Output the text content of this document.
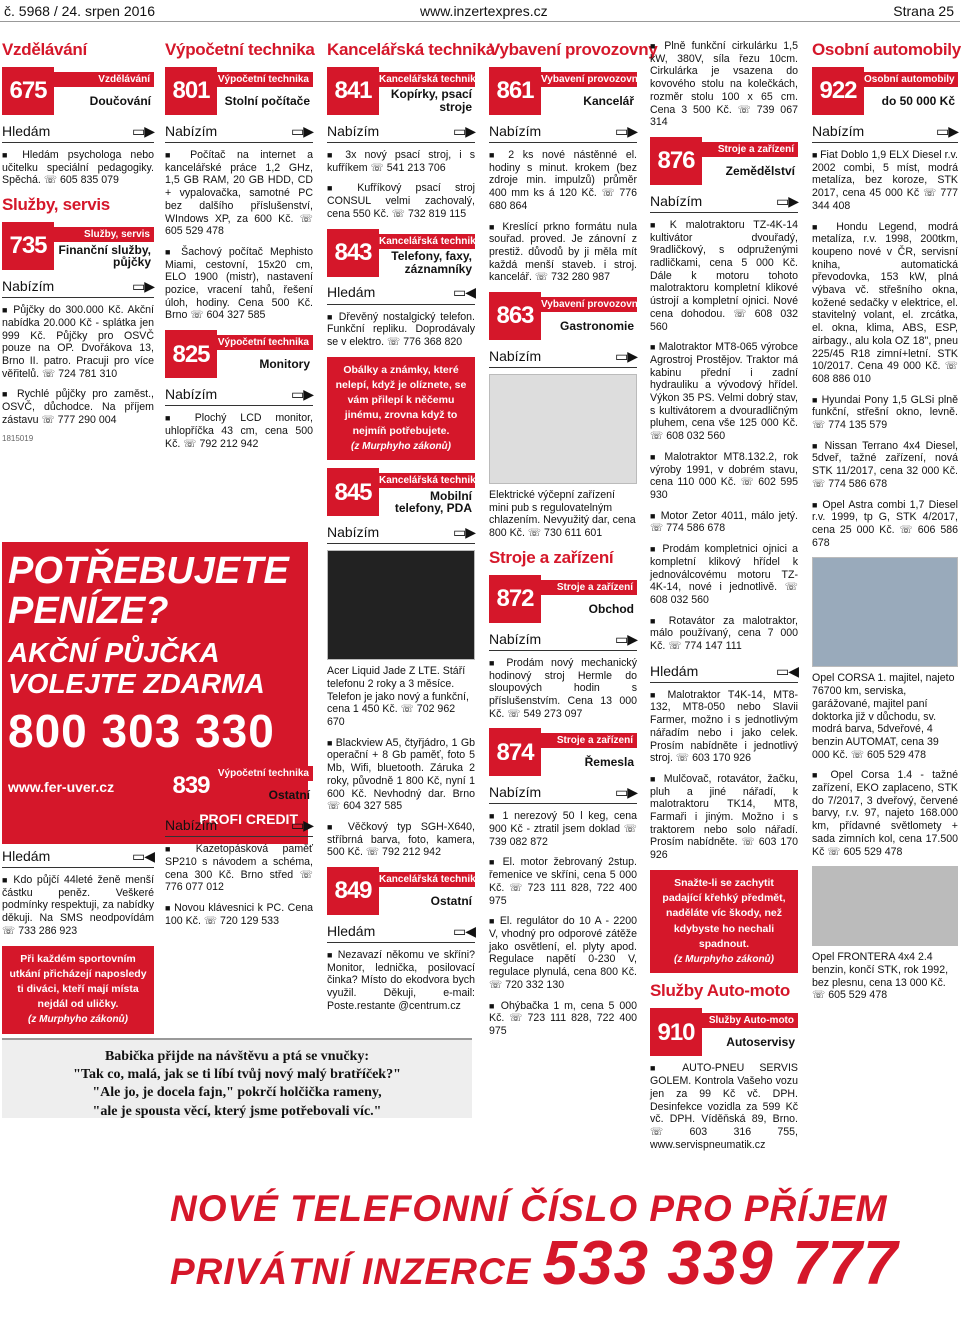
č. 5968 / 24. srpen 2016	www.inzertexpres.cz	Strana 25
Vzdělávání
675	Vzdělávání
Doučování
Hledám	▭▶
■ Hledám psychologa nebo učitelku speciální pedagogiky. Spěchá. ☏ 605 835 079
Služby, servis
735	Služby, servis
Finanční služby, půjčky
Nabízím	▭▶
■ Půjčky do 300.000 Kč. Akční nabídka 20.000 Kč - splátka jen 999 Kč. Půjčky pro OSVČ pouze na OP. Dvořákova 13, Brno II. patro. Pracuji pro více věřitelů. ☏ 724 781 310
■ Rychlé půjčky pro zaměst., OSVČ, důchodce. Na příjem zástavu ☏ 777 290 004
1815019
POTŘEBUJETE PENÍZE?
AKČNÍ PŮJČKA VOLEJTE ZDARMA
800 303 330
www.fer-uver.cz
PROFI CREDIT
Hledám	▭◀
■ Kdo půjčí 44leté ženě menší částku peněz. Veškeré podmínky respektuji, za nabídky děkuji. Na SMS neodpovídám ☏ 733 286 923
Při každém sportovním utkání přicházejí naposledy ti diváci, kteří mají místa nejdál od uličky.
(z Murphyho zákonů)
Výpočetní technika
801 Výpočetní technika
Stolní počítače
Nabízím	▭▶
■ Počítač na internet a kancelářské práce 1,2 GHz, 1,5 GB RAM, 20 GB HDD, CD + vypalovačka, samotné PC bez dalšího příslušenství, WIndows XP, za 600 Kč. ☏ 605 529 478
■ Šachový počítač Mephisto Miami, cestovní, 15x20 cm, ELO 1900 (mistr), nastavení pozice, vracení tahů, řešení úloh, hodiny. Cena 500 Kč. Brno ☏ 604 327 585
825 Výpočetní technika
Monitory
Nabízím	▭▶
■ Plochý LCD monitor, uhlopříčka 43 cm, cena 500 Kč. ☏ 792 212 942
839 Výpočetní technika
Ostatní
Nabízím	▭▶
■ Kazetopásková paměť SP210 s návodem a schéma, cena 300 Kč. Brno střed ☏ 776 077 012
■ Novou klávesnici k PC. Cena 100 Kč. ☏ 720 129 533
Kancelářská technika
841 Kancelářská technika
Kopírky, psací stroje
Nabízím	▭▶
■ 3x nový psací stroj, i s kufříkem ☏ 541 213 706
■ Kufříkový psací stroj CONSUL velmi zachovalý, cena 550 Kč. ☏ 732 819 115
843 Kancelářská technika
Telefony, faxy, záznamníky
Hledám	▭◀
■ Dřevěný nostalgický telefon. Funkční repliku. Doprodávaly se v elektro. ☏ 776 368 820
Obálky a známky, které nelepí, když je olíznete, se vám přilepí k něčemu jinému, zrovna když to nejmíň potřebujete.
(z Murphyho zákonů)
845 Kancelářská technika
Mobilní telefony, PDA
Nabízím	▭▶
Acer Liquid Jade Z LTE. Stáří telefonu 2 roky a 3 měsíce. Telefon je jako nový a funkční, cena 1 450 Kč. ☏ 702 962 670
■ Blackview A5, čtyřjádro, 1 Gb operační + 8 Gb paměť, foto 5 Mb, Wifi, bluetooth. Záruka 2 roky, původně 1 800 Kč, nyní 1 600 Kč. Nevhodný dar. Brno ☏ 604 327 585
■ Věčkový typ SGH-X640, stříbrná barva, foto, kamera, 500 Kč. ☏ 792 212 942
849 Kancelářská technika
Ostatní
Hledám	▭◀
■ Nezavazí někomu ve skříni? Monitor, lednička, posilovací činka? Místo do ekodvora bych využil. Děkuji, e-mail: Poste.restante @centrum.cz
Vybavení provozovny
861 Vybavení provozovny
Kancelář
Nabízím	▭▶
■ 2 ks nové nástěnné el. hodiny s minut. krokem (bez zdroje min. impulzů) průměr 400 mm ks á 120 Kč. ☏ 776 680 864
■ Kreslící prkno formátu nula souřad. proved. Je zánovní z prestiž. důvodů by ji měla mít každá menší staveb. i stroj. kancelář. ☏ 732 280 987
863 Vybavení provozovny
Gastronomie
Nabízím	▭▶
Elektrické výčepní zařízení mini pub s regulovatelným chlazením. Nevyužitý dar, cena 800 Kč. ☏ 730 611 601
Stroje a zařízení
872	Stroje a zařízení
Obchod
Nabízím	▭▶
■ Prodám nový mechanický hodinový stroj Hermle do sloupových hodin s příslušenstvím. Cena 13 000 Kč. ☏ 549 273 097
874	Stroje a zařízení
Řemesla
Nabízím	▭▶
■ 1 nerezový 50 l keg, cena 900 Kč - ztratil jsem doklad ☏ 739 082 872
■ El. motor žebrovaný 2stup. řemenice ve skříni, cena 5 000 Kč. ☏ 723 111 828, 722 400 975
■ El. regulátor do 10 A - 2200 V, vhodný pro odporové zátěže jako osvětlení, el. plyty apod. Regulace napětí 0-230 V, regulace plynulá, cena 800 Kč. ☏ 720 332 130
■ Ohýbačka 1 m, cena 5 000 Kč. ☏ 723 111 828, 722 400 975
■ Plně funkční cirkulárku 1,5 kW, 380V, síla řezu 10cm. Cirkulárka je vsazena do kovového stolu na kolečkách, rozměr stolu 100 x 65 cm. Cena 3 500 Kč. ☏ 739 067 314
876	Stroje a zařízení
Zemědělství
Nabízím	▭▶
■ K malotraktoru TZ-4K-14 kultivátor dvouřadý, 9radličkový, s odpruženými radličkami, cena 5 000 Kč. Dále k motoru tohoto malotraktoru kompletní klikové ústrojí a kompletní ojnici. Nové cena dohodou. ☏ 608 032 560
■ Malotraktor MT8-065 výrobce Agrostroj Prostějov. Traktor má kabinu přední i zadní hydrauliku a vývodový hřídel. Výkon 35 PS. Velmi dobrý stav, s kultivátorem a dvouradličným pluhem, cena vše 125 000 Kč. ☏ 608 032 560
■ Malotraktor MT8.132.2, rok výroby 1991, v dobrém stavu, cena 110 000 Kč. ☏ 602 595 930
■ Motor Zetor 4011, málo jetý. ☏ 774 586 678
■ Prodám kompletnici ojnici a kompletní klikový hřídel k jednoválcovému motoru TZ-4K-14, nové i jednotlivě. ☏ 608 032 560
■ Rotavátor za malotraktor, málo používaný, cena 7 000 Kč. ☏ 774 147 111
Hledám	▭◀
■ Malotraktor T4K-14, MT8-132, MT8-050 nebo Slavii Farmer, možno i s jednotlivým nářadím nebo i jako celek. Prosím nabídněte i jednotlivý stroj. ☏ 603 170 926
■ Mulčovač, rotavátor, žačku, pluh a jiné nářadí, k malotraktoru TK14, MT8, Farmaři i jiným. Možno i s traktorem nebo solo nářadí. Prosím nabídněte. ☏ 603 170 926
Snažte-li se zachytit padající křehký předmět, naděláte víc škody, než kdybyste ho nechali spadnout.
(z Murphyho zákonů)
Služby Auto-moto
910	Služby Auto-moto
Autoservisy
■ AUTO-PNEU SERVIS GOLEM. Kontrola Vašeho vozu jen za 99 Kč vč. DPH. Desinfekce vozidla za 599 Kč vč. DPH. Víděňská 89, Brno. ☏ 603 316 755, www.servispneumatik.cz
Osobní automobily
922 Osobní automobily
do 50 000 Kč
Nabízím	▭▶
■ Fiat Doblo 1,9 ELX Diesel r.v. 2002 combi, 5 míst, modrá metalíza, bez koroze, STK 2017, cena 45 000 Kč ☏ 777 344 408
■ Hondu Legend, modrá metalíza, r.v. 1998, 200tkm, koupeno nové v ČR, servisní kniha, automatická převodovka, 153 kW, plná výbava vč. střešního okna, kožené sedačky v elektrice, el. stavitelný volant, el. zrcátka, el. okna, klima, ABS, ESP, airbagy., alu kola OZ 18", pneu 225/45 R18 zimní+letní. STK 10/2017. Cena 49 000 Kč. ☏ 608 886 010
■ Hyundai Pony 1,5 GLSi plně funkční, střešní okno, levně. ☏ 774 135 579
■ Nissan Terrano 4x4 Diesel, 5dveř, tažné zařízení, nová STK 11/2017, cena 32 000 Kč. ☏ 774 586 678
■ Opel Astra combi 1,7 Diesel r.v. 1999, tp G, STK 4/2017, cena 25 000 Kč. ☏ 606 586 678
Opel CORSA 1. majitel, najeto 76700 km, serviska, garážované, majitel paní doktorka již v důchodu, sv. modrá barva, 5dveřové, 4 benzin AUTOMAT, cena 39 000 Kč. ☏ 605 529 478
■ Opel Corsa 1.4 - tažné zařízení, EKO zaplaceno, STK do 7/2017, 3 dveřový, červené barvy, r.v. 97, najeto 168.000 km, přídavné světlomety + sada zimních kol, cena 17.500 Kč ☏ 605 529 478
Opel FRONTERA 4x4 2.4 benzin, končí STK, rok 1992, bez plesnu, cena 13 000 Kč. ☏ 605 529 478
Babička přijde na návštěvu a ptá se vnučky:
"Tak co, malá, jak se ti líbí tvůj nový malý bratříček?"
"Ale jo, je docela fajn," pokrčí holčička rameny,
"ale je spousta věcí, který jsme potřebovali víc."
NOVÉ TELEFONNÍ ČÍSLO PRO PŘÍJEM
PRIVÁTNÍ INZERCE 533 339 777
